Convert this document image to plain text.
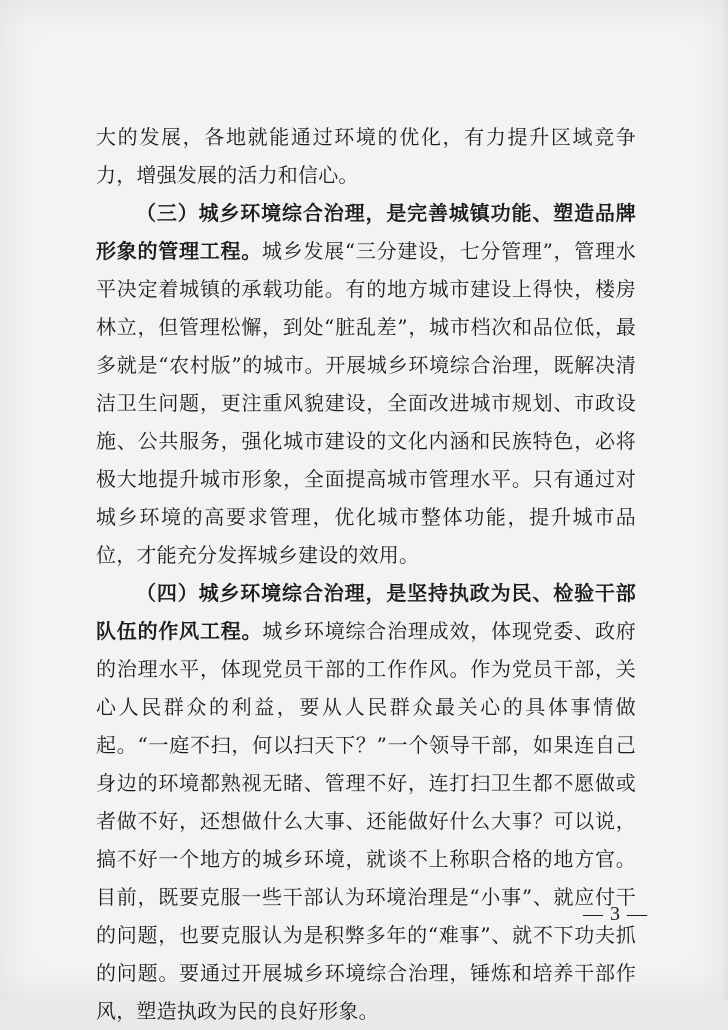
大的发展，各地就能通过环境的优化，有力提升区域竞争力，增强发展的活力和信心。

（三）城乡环境综合治理，是完善城镇功能、塑造品牌形象的管理工程。城乡发展“三分建设，七分管理”，管理水平决定着城镇的承载功能。有的地方城市建设上得快，楼房林立，但管理松懈，到处“脏乱差”，城市档次和品位低，最多就是“农村版”的城市。开展城乡环境综合治理，既解决清洁卫生问题，更注重风貌建设，全面改进城市规划、市政设施、公共服务，强化城市建设的文化内涵和民族特色，必将极大地提升城市形象，全面提高城市管理水平。只有通过对城乡环境的高要求管理，优化城市整体功能，提升城市品位，才能充分发挥城乡建设的效用。

（四）城乡环境综合治理，是坚持执政为民、检验干部队伍的作风工程。城乡环境综合治理成效，体现党委、政府的治理水平，体现党员干部的工作作风。作为党员干部，关心人民群众的利益，要从人民群众最关心的具体事情做起。“一庭不扫，何以扫天下？”一个领导干部，如果连自己身边的环境都熟视无睹、管理不好，连打扫卫生都不愿做或者做不好，还想做什么大事、还能做好什么大事？可以说，搞不好一个地方的城乡环境，就谈不上称职合格的地方官。目前，既要克服一些干部认为环境治理是“小事”、就应付干的问题，也要克服认为是积弊多年的“难事”、就不下功夫抓的问题。要通过开展城乡环境综合治理，锤炼和培养干部作风，塑造执政为民的良好形象。

— 3 —
